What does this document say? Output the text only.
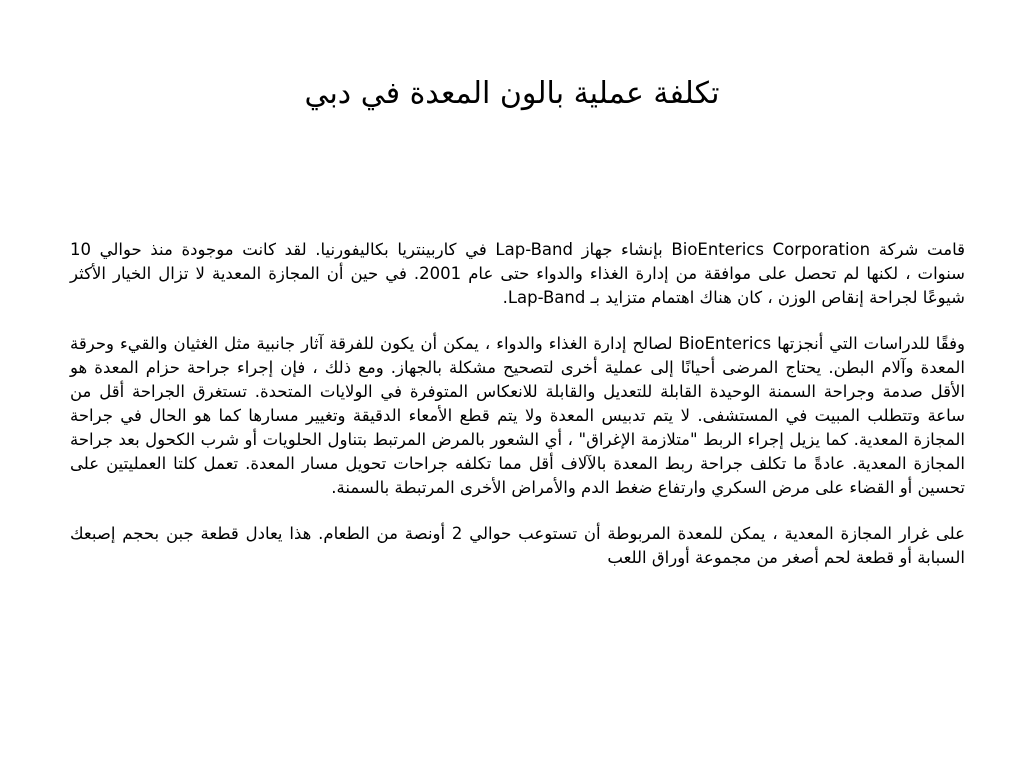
تكلفة عملية بالون المعدة في دبي

قامت شركة BioEnterics Corporation بإنشاء جهاز Lap-Band في كاربينتريا بكاليفورنيا. لقد كانت موجودة منذ حوالي 10 سنوات ، لكنها لم تحصل على موافقة من إدارة الغذاء والدواء حتى عام 2001. في حين أن المجازة المعدية لا تزال الخيار الأكثر شيوعًا لجراحة إنقاص الوزن ، كان هناك اهتمام متزايد بـ Lap-Band.

وفقًا للدراسات التي أنجزتها BioEnterics لصالح إدارة الغذاء والدواء ، يمكن أن يكون للفرقة آثار جانبية مثل الغثيان والقيء وحرقة المعدة وآلام البطن. يحتاج المرضى أحيانًا إلى عملية أخرى لتصحيح مشكلة بالجهاز. ومع ذلك ، فإن إجراء جراحة حزام المعدة هو الأقل صدمة وجراحة السمنة الوحيدة القابلة للتعديل والقابلة للانعكاس المتوفرة في الولايات المتحدة. تستغرق الجراحة أقل من ساعة وتتطلب المبيت في المستشفى. لا يتم تدبيس المعدة ولا يتم قطع الأمعاء الدقيقة وتغيير مسارها كما هو الحال في جراحة المجازة المعدية. كما يزيل إجراء الربط "متلازمة الإغراق" ، أي الشعور بالمرض المرتبط بتناول الحلويات أو شرب الكحول بعد جراحة المجازة المعدية. عادةً ما تكلف جراحة ربط المعدة بالآلاف أقل مما تكلفه جراحات تحويل مسار المعدة. تعمل كلتا العمليتين على تحسين أو القضاء على مرض السكري وارتفاع ضغط الدم والأمراض الأخرى المرتبطة بالسمنة.

على غرار المجازة المعدية ، يمكن للمعدة المربوطة أن تستوعب حوالي 2 أونصة من الطعام. هذا يعادل قطعة جبن بحجم إصبعك السبابة أو قطعة لحم أصغر من مجموعة أوراق اللعب
